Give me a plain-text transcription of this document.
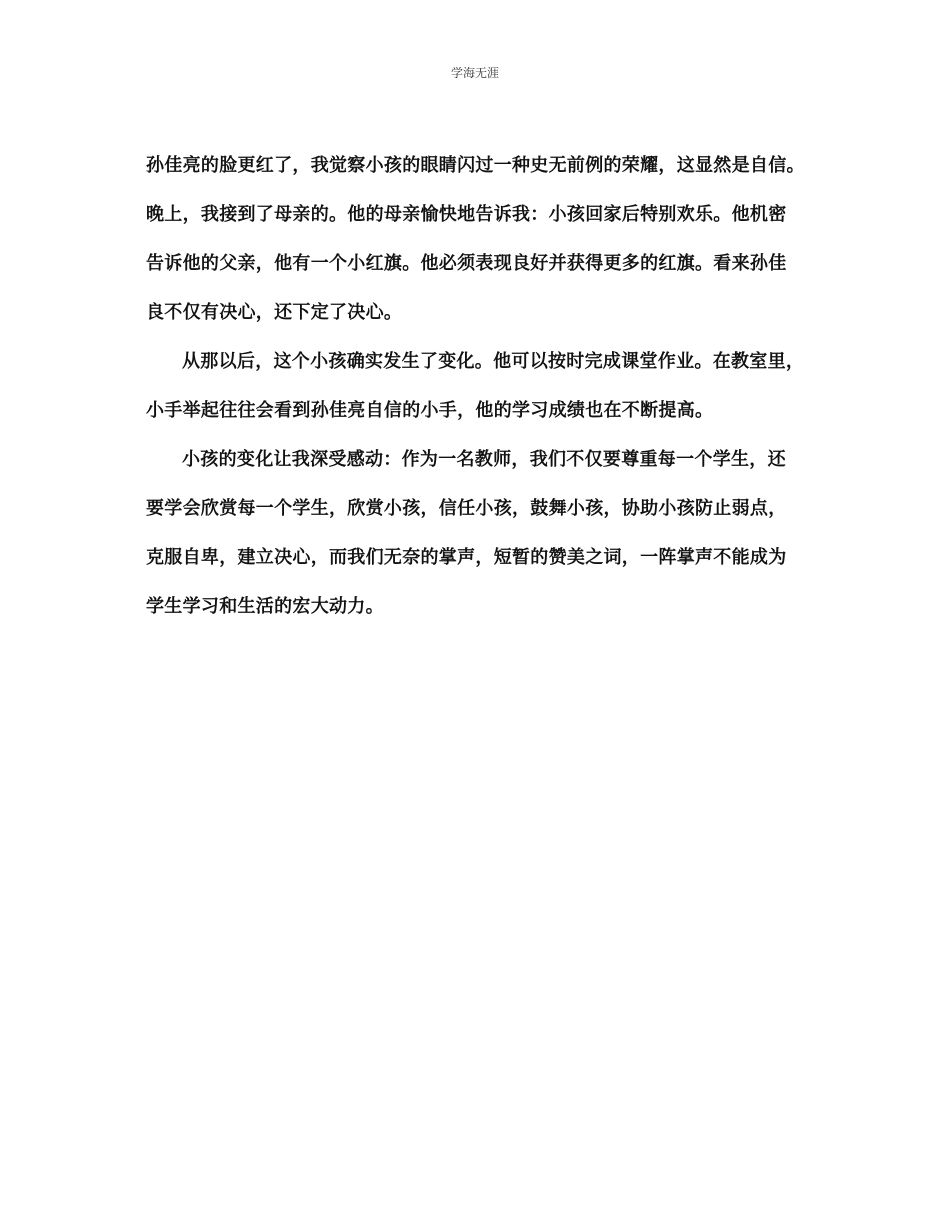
学海无涯
孙佳亮的脸更红了，我觉察小孩的眼睛闪过一种史无前例的荣耀，这显然是自信。
晚上，我接到了母亲的。他的母亲愉快地告诉我：小孩回家后特别欢乐。他机密
告诉他的父亲，他有一个小红旗。他必须表现良好并获得更多的红旗。看来孙佳
良不仅有决心，还下定了决心。
从那以后，这个小孩确实发生了变化。他可以按时完成课堂作业。在教室里，
小手举起往往会看到孙佳亮自信的小手，他的学习成绩也在不断提高。
小孩的变化让我深受感动：作为一名教师，我们不仅要尊重每一个学生，还
要学会欣赏每一个学生，欣赏小孩，信任小孩，鼓舞小孩，协助小孩防止弱点，
克服自卑，建立决心，而我们无奈的掌声，短暂的赞美之词，一阵掌声不能成为
学生学习和生活的宏大动力。
